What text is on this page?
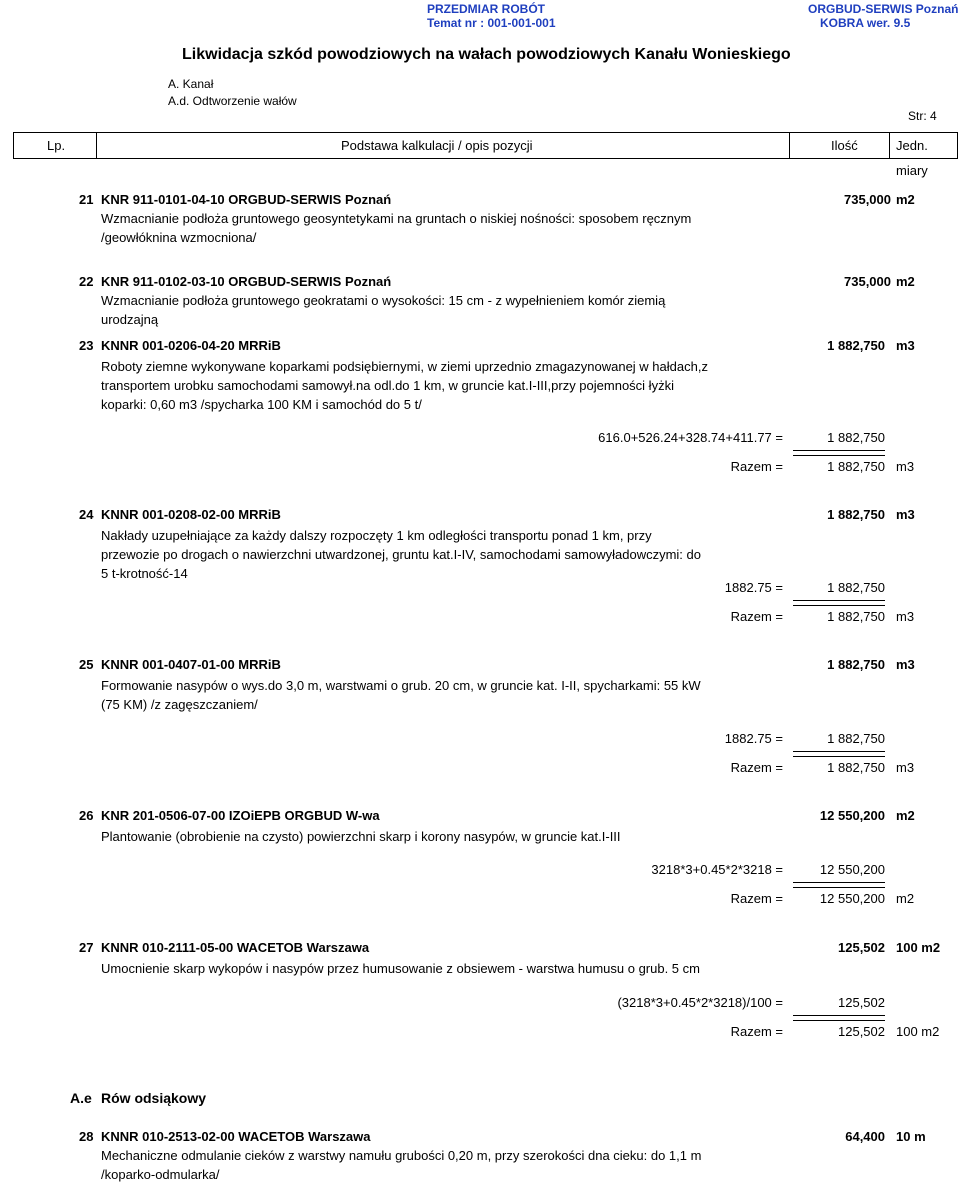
PRZEDMIAR ROBÓT
Temat nr : 001-001-001
ORGBUD-SERWIS Poznań
KOBRA wer. 9.5
Likwidacja szkód powodziowych na wałach powodziowych Kanału Wonieskiego
A. Kanał
A.d. Odtworzenie wałów
Str: 4
Lp.	Podstawa kalkulacji / opis pozycji	Ilość	Jedn. miary
21 KNR 911-0101-04-10 ORGBUD-SERWIS Poznań	735,000 m2
Wzmacnianie podłoża gruntowego geosyntetykami na gruntach o niskiej nośności: sposobem ręcznym /geowłóknina wzmocniona/
22 KNR 911-0102-03-10 ORGBUD-SERWIS Poznań	735,000 m2
Wzmacnianie podłoża gruntowego geokratami o wysokości: 15 cm - z wypełnieniem komór ziemią urodzajną
23 KNNR 001-0206-04-20 MRRiB	1 882,750 m3
Roboty ziemne wykonywane koparkami podsiębiernymi, w ziemi uprzednio zmagazynowanej w hałdach,z transportem urobku samochodami samowył.na odl.do 1 km, w gruncie kat.I-III,przy pojemności łyżki koparki: 0,60 m3 /spycharka 100 KM i samochód do 5 t/
616.0+526.24+328.74+411.77 =	1 882,750
Razem =	1 882,750 m3
24 KNNR 001-0208-02-00 MRRiB	1 882,750 m3
Nakłady uzupełniające za każdy dalszy rozpoczęty 1 km odległości transportu ponad 1 km, przy przewozie po drogach o nawierzchni utwardzonej, gruntu kat.I-IV, samochodami samowyładowczymi: do 5 t-krotność-14
1882.75 =	1 882,750
Razem =	1 882,750 m3
25 KNNR 001-0407-01-00 MRRiB	1 882,750 m3
Formowanie nasypów o wys.do 3,0 m, warstwami o grub. 20 cm, w gruncie kat. I-II, spycharkami: 55 kW (75 KM) /z zagęszczaniem/
1882.75 =	1 882,750
Razem =	1 882,750 m3
26 KNR 201-0506-07-00 IZOiEPB ORGBUD W-wa	12 550,200 m2
Plantowanie (obrobienie na czysto) powierzchni skarp i korony nasypów, w gruncie kat.I-III
3218*3+0.45*2*3218 =	12 550,200
Razem =	12 550,200 m2
27 KNNR 010-2111-05-00 WACETOB Warszawa	125,502 100 m2
Umocnienie skarp wykopów i nasypów przez humusowanie z obsiewem - warstwa humusu o grub. 5 cm
(3218*3+0.45*2*3218)/100 =	125,502
Razem =	125,502 100 m2
A.e Rów odsiąkowy
28 KNNR 010-2513-02-00 WACETOB Warszawa	64,400 10 m
Mechaniczne odmulanie cieków z warstwy namułu grubości 0,20 m, przy szerokości dna cieku: do 1,1 m /koparko-odmularka/
